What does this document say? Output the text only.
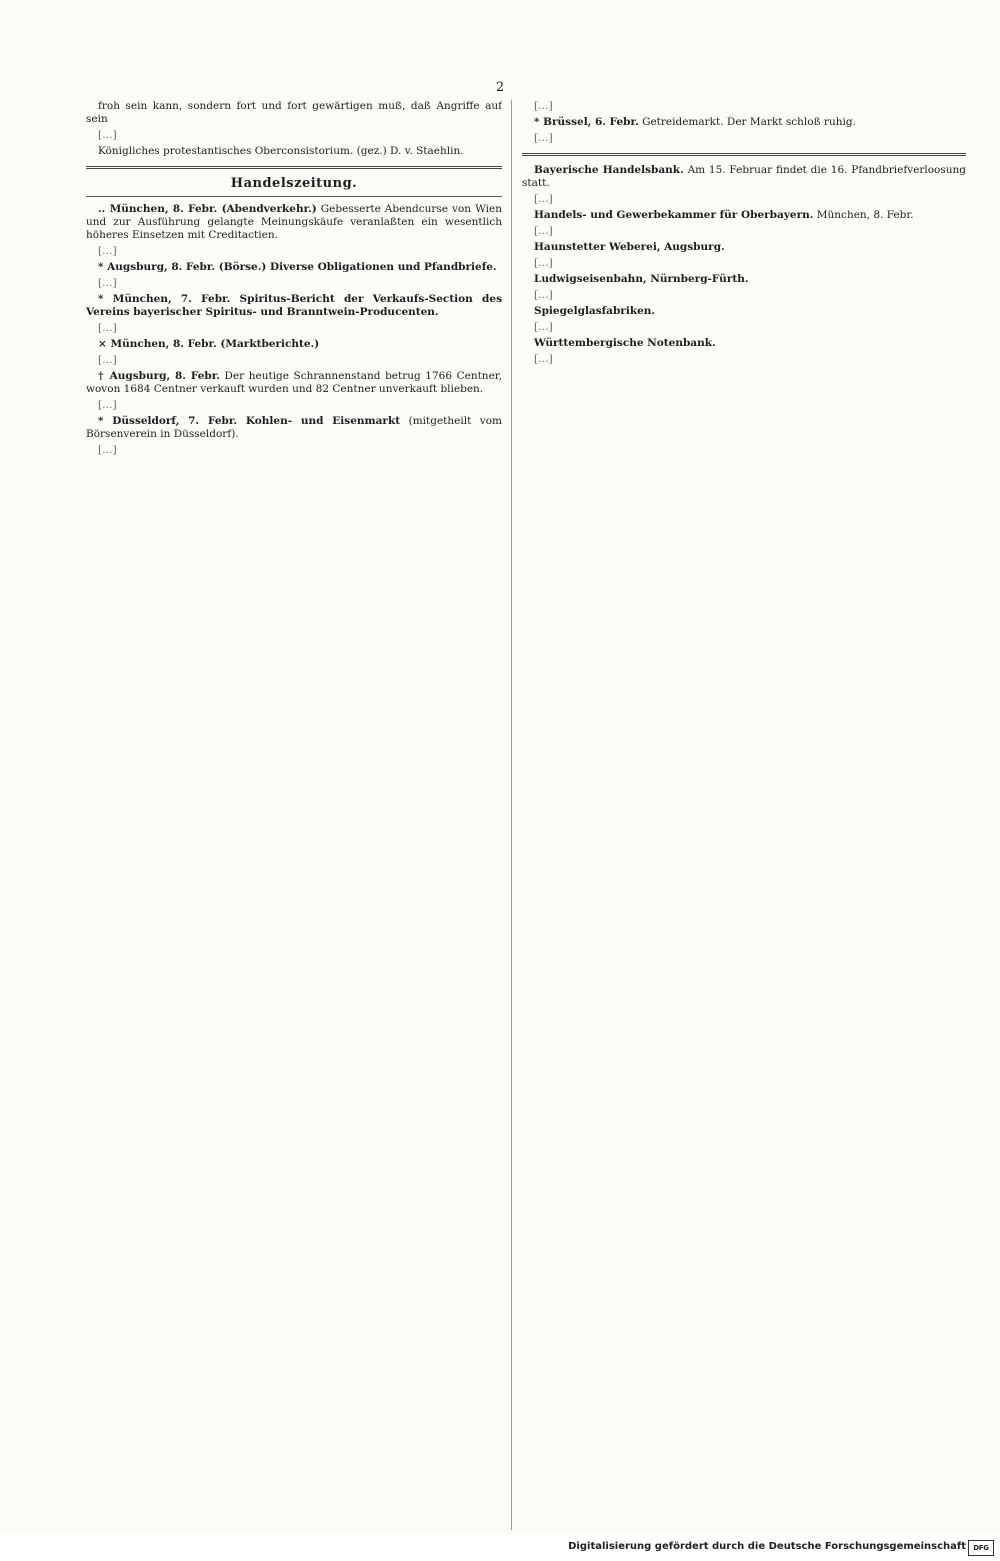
2

froh sein kann, sondern fort und fort gewärtigen muß, daß Angriffe auf sein

[…]

Königliches protestantisches Oberconsistorium. (gez.) D. v. Staehlin.

Handelszeitung.

.. München, 8. Febr. (Abendverkehr.) Gebesserte Abendcurse von Wien und zur Ausführung gelangte Meinungskäufe veranlaßten ein wesentlich höheres Einsetzen mit Creditactien.

[…]

* Augsburg, 8. Febr. (Börse.) Diverse Obligationen und Pfandbriefe.

[…]

* München, 7. Febr. Spiritus-Bericht der Verkaufs-Section des Vereins bayerischer Spiritus- und Branntwein-Producenten.

[…]

× München, 8. Febr. (Marktberichte.)

[…]

† Augsburg, 8. Febr. Der heutige Schrannenstand betrug 1766 Centner, wovon 1684 Centner verkauft wurden und 82 Centner unverkauft blieben.

[…]

* Düsseldorf, 7. Febr. Kohlen- und Eisenmarkt (mitgetheilt vom Börsenverein in Düsseldorf).

[…]

[…]

* Brüssel, 6. Febr. Getreidemarkt. Der Markt schloß ruhig.

[…]

Bayerische Handelsbank. Am 15. Februar findet die 16. Pfandbriefverloosung statt.

[…]

Handels- und Gewerbekammer für Oberbayern. München, 8. Febr.

[…]

Haunstetter Weberei, Augsburg.

[…]

Ludwigseisenbahn, Nürnberg-Fürth.

[…]

Spiegelglasfabriken.

[…]

Württembergische Notenbank.

[…]

Digitalisierung gefördert durch die Deutsche Forschungsgemeinschaft DFG
